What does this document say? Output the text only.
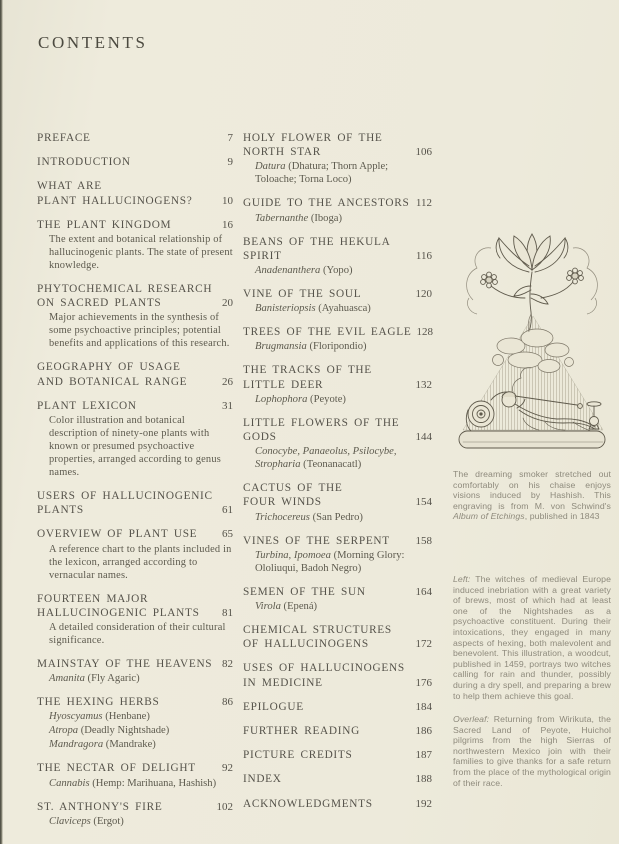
CONTENTS
PREFACE	7
INTRODUCTION	9
WHAT ARE
PLANT HALLUCINOGENS?	10
THE PLANT KINGDOM	16
The extent and botanical relationship of hallucinogenic plants. The state of present knowledge.
PHYTOCHEMICAL RESEARCH
ON SACRED PLANTS	20
Major achievements in the synthesis of some psychoactive principles; potential benefits and applications of this research.
GEOGRAPHY OF USAGE
AND BOTANICAL RANGE	26
PLANT LEXICON	31
Color illustration and botanical description of ninety-one plants with known or presumed psychoactive properties, arranged according to genus names.
USERS OF HALLUCINOGENIC
PLANTS	61
OVERVIEW OF PLANT USE	65
A reference chart to the plants included in the lexicon, arranged according to vernacular names.
FOURTEEN MAJOR
HALLUCINOGENIC PLANTS	81
A detailed consideration of their cultural significance.
MAINSTAY OF THE HEAVENS 82
Amanita (Fly Agaric)
THE HEXING HERBS	86
Hyoscyamus (Henbane)
Atropa (Deadly Nightshade)
Mandragora (Mandrake)
THE NECTAR OF DELIGHT	92
Cannabis (Hemp: Marihuana, Hashish)
ST. ANTHONY'S FIRE	102
Claviceps (Ergot)
HOLY FLOWER OF THE
NORTH STAR	106
Datura (Dhatura; Thorn Apple; Toloache; Torna Loco)
GUIDE TO THE ANCESTORS 112
Tabernanthe (Iboga)
BEANS OF THE HEKULA
SPIRIT	116
Anadenanthera (Yopo)
VINE OF THE SOUL	120
Banisteriopsis (Ayahuasca)
TREES OF THE EVIL EAGLE 128
Brugmansia (Floripondio)
THE TRACKS OF THE
LITTLE DEER	132
Lophophora (Peyote)
LITTLE FLOWERS OF THE
GODS	144
Conocybe, Panaeolus, Psilocybe, Stropharia (Teonanacatl)
CACTUS OF THE
FOUR WINDS	154
Trichocereus (San Pedro)
VINES OF THE SERPENT	158
Turbina, Ipomoea (Morning Glory: Ololiuqui, Badoh Negro)
SEMEN OF THE SUN	164
Virola (Epená)
CHEMICAL STRUCTURES
OF HALLUCINOGENS	172
USES OF HALLUCINOGENS
IN MEDICINE	176
EPILOGUE	184
FURTHER READING	186
PICTURE CREDITS	187
INDEX	188
ACKNOWLEDGMENTS	192

The dreaming smoker stretched out comfortably on his chaise enjoys visions induced by Hashish. This engraving is from M. von Schwind's Album of Etchings, published in 1843

Left: The witches of medieval Europe induced inebriation with a great variety of brews, most of which had at least one of the Nightshades as a psychoactive constituent. During their intoxications, they engaged in many aspects of hexing, both malevolent and benevolent. This illustration, a woodcut, published in 1459, portrays two witches calling for rain and thunder, possibly during a dry spell, and preparing a brew to help them achieve this goal.

Overleaf: Returning from Wirikuta, the Sacred Land of Peyote, Huichol pilgrims from the high Sierras of northwestern Mexico join with their families to give thanks for a safe return from the place of the mythological origin of their race.
